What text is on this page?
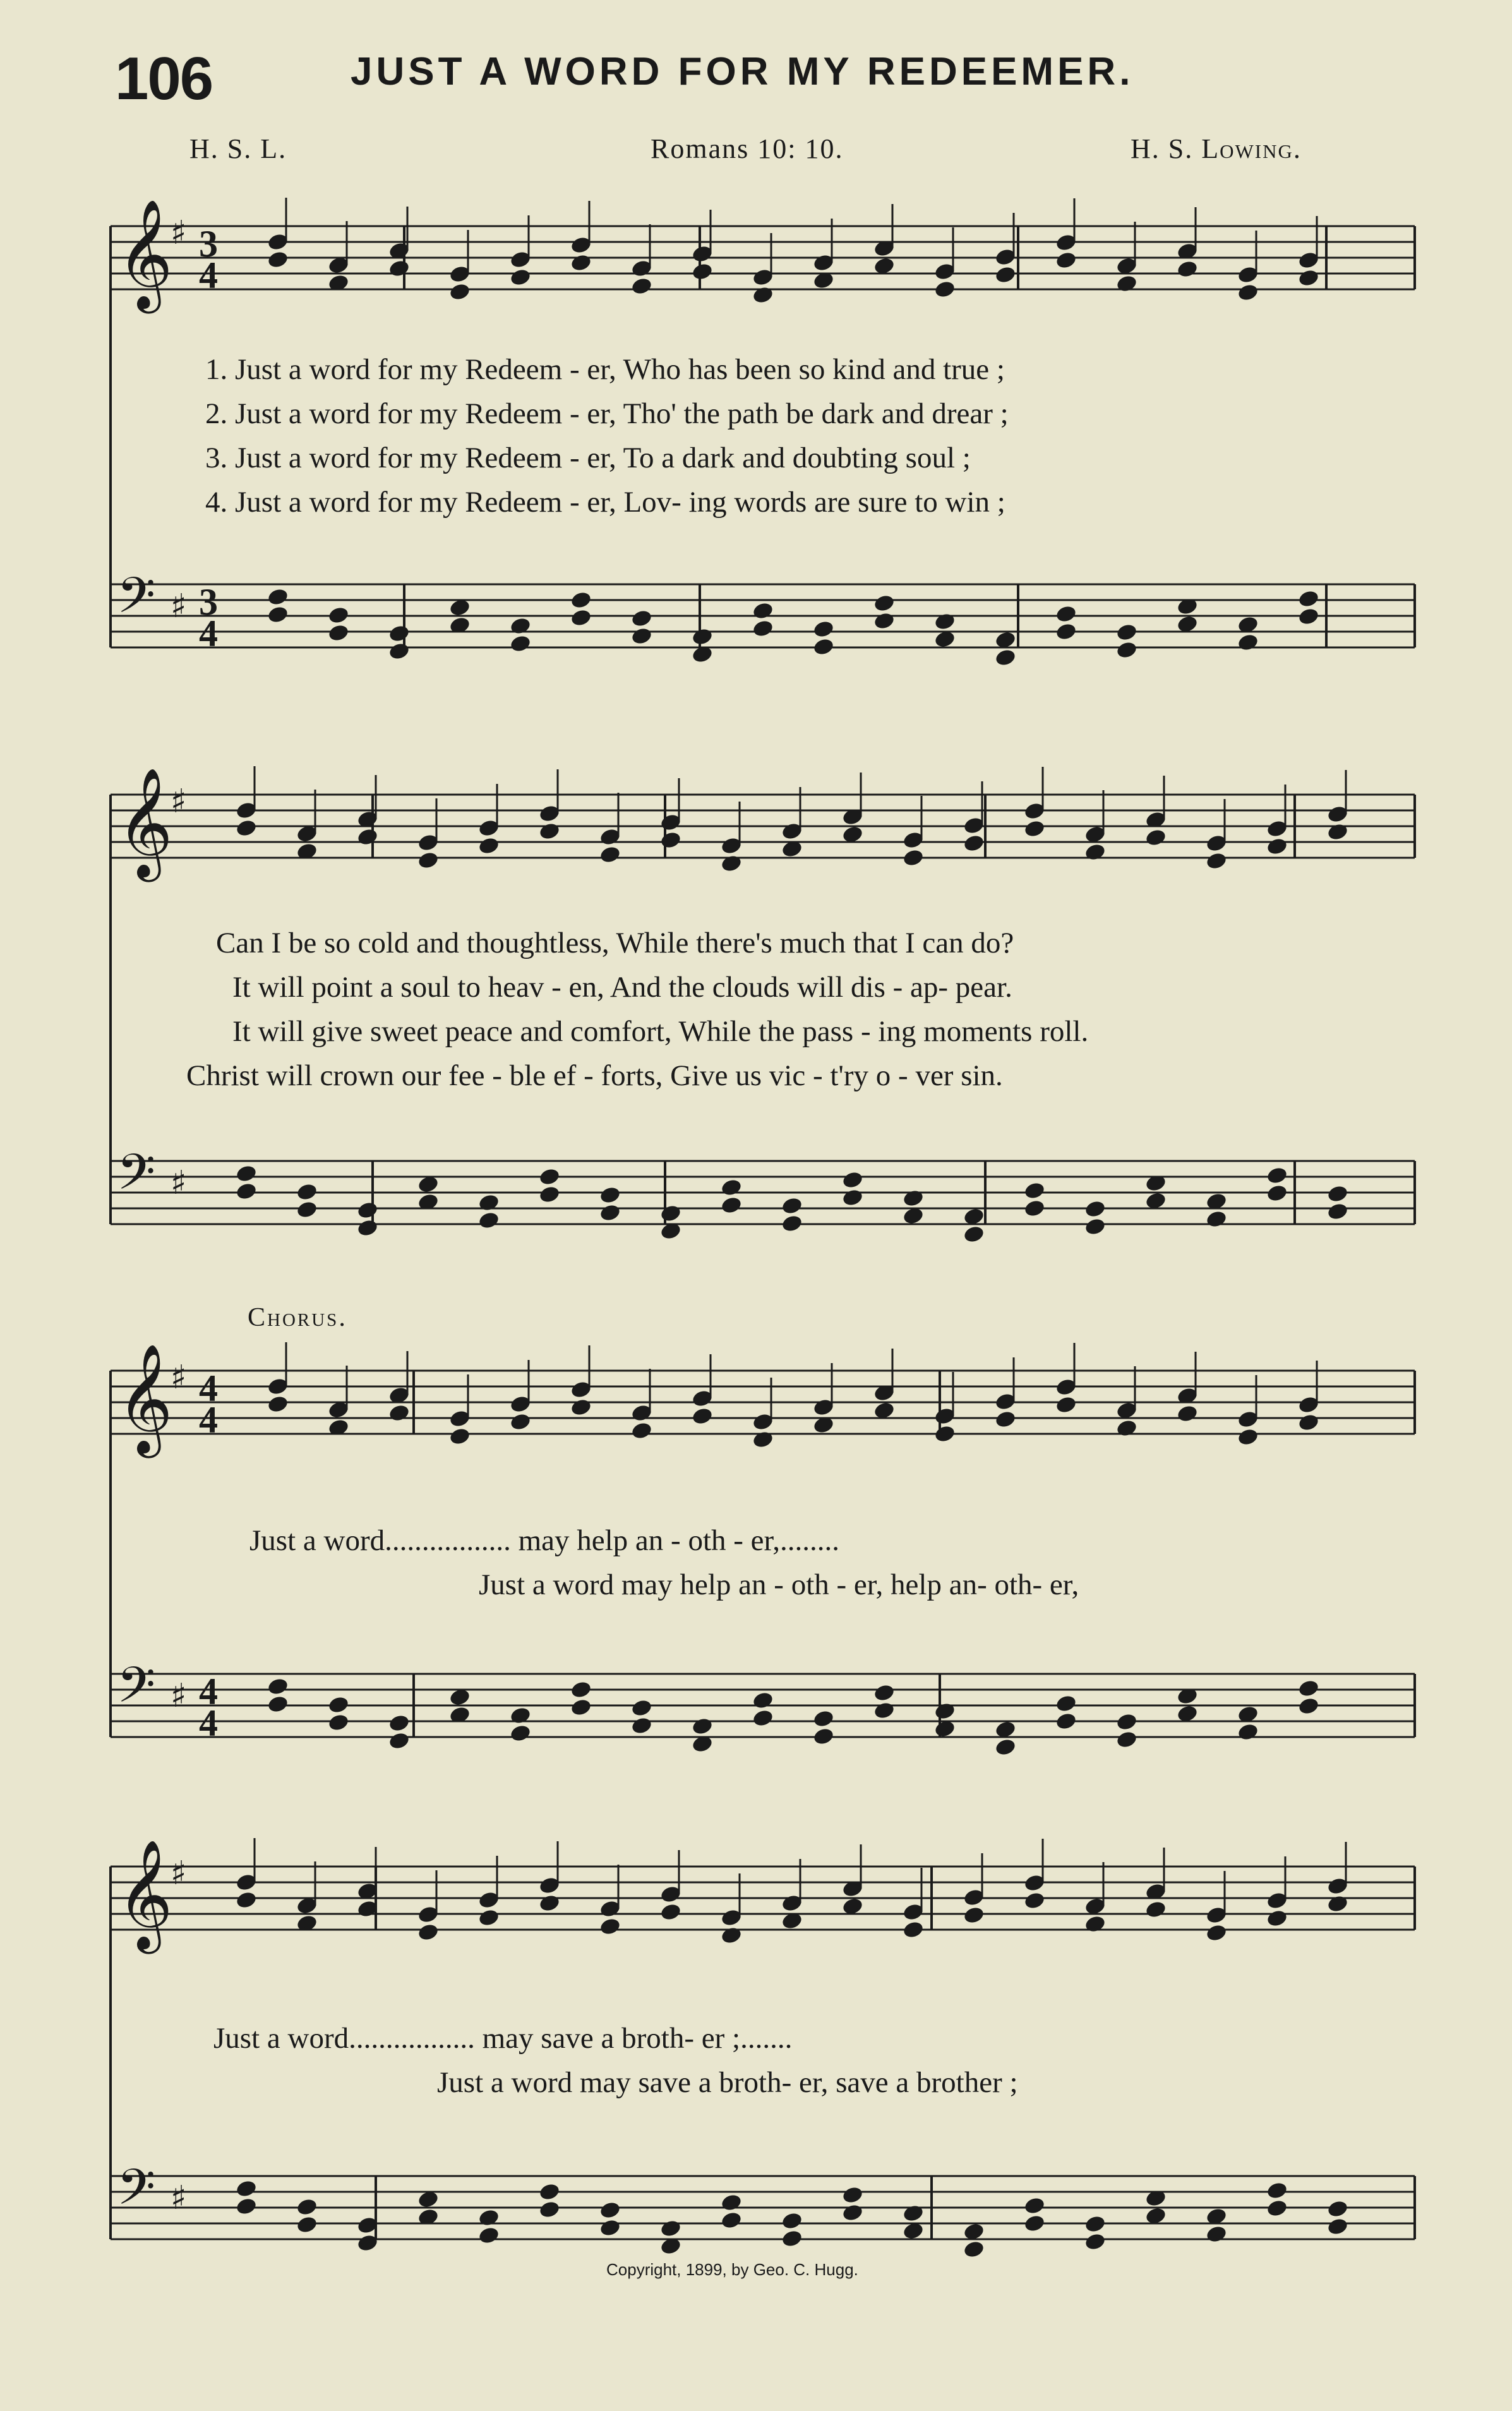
106	JUST A WORD FOR MY REDEEMER.
H. S. L.	Romans 10: 10.	H. S. Lowing.
𝄞
♯
𝄢 ♯
𝄞
♯
𝄢 ♯
𝄞
♯
𝄢 ♯
𝄞
♯
𝄢 ♯
3
4
3
4
4
4
4
4
1. Just a word for my Redeem - er, Who has been so kind and true ;
2. Just a word for my Redeem - er, Tho' the path be dark and drear ;
3. Just a word for my Redeem - er, To a dark and doubting soul ;
4. Just a word for my Redeem - er, Lov- ing words are sure to win ;
Can I be so cold and thoughtless, While there's much that I can do?
It will point a soul to heav - en, And the clouds will dis - ap- pear.
It will give sweet peace and comfort, While the pass - ing moments roll.
Christ will crown our fee - ble ef - forts, Give us vic - t'ry o - ver sin.
Chorus.
Just a word................. may help an - oth - er,........
Just a word may help an - oth - er, help an- oth- er,
Just a word................. may save a broth- er ;.......
Just a word may save a broth- er, save a brother ;
Copyright, 1899, by Geo. C. Hugg.
